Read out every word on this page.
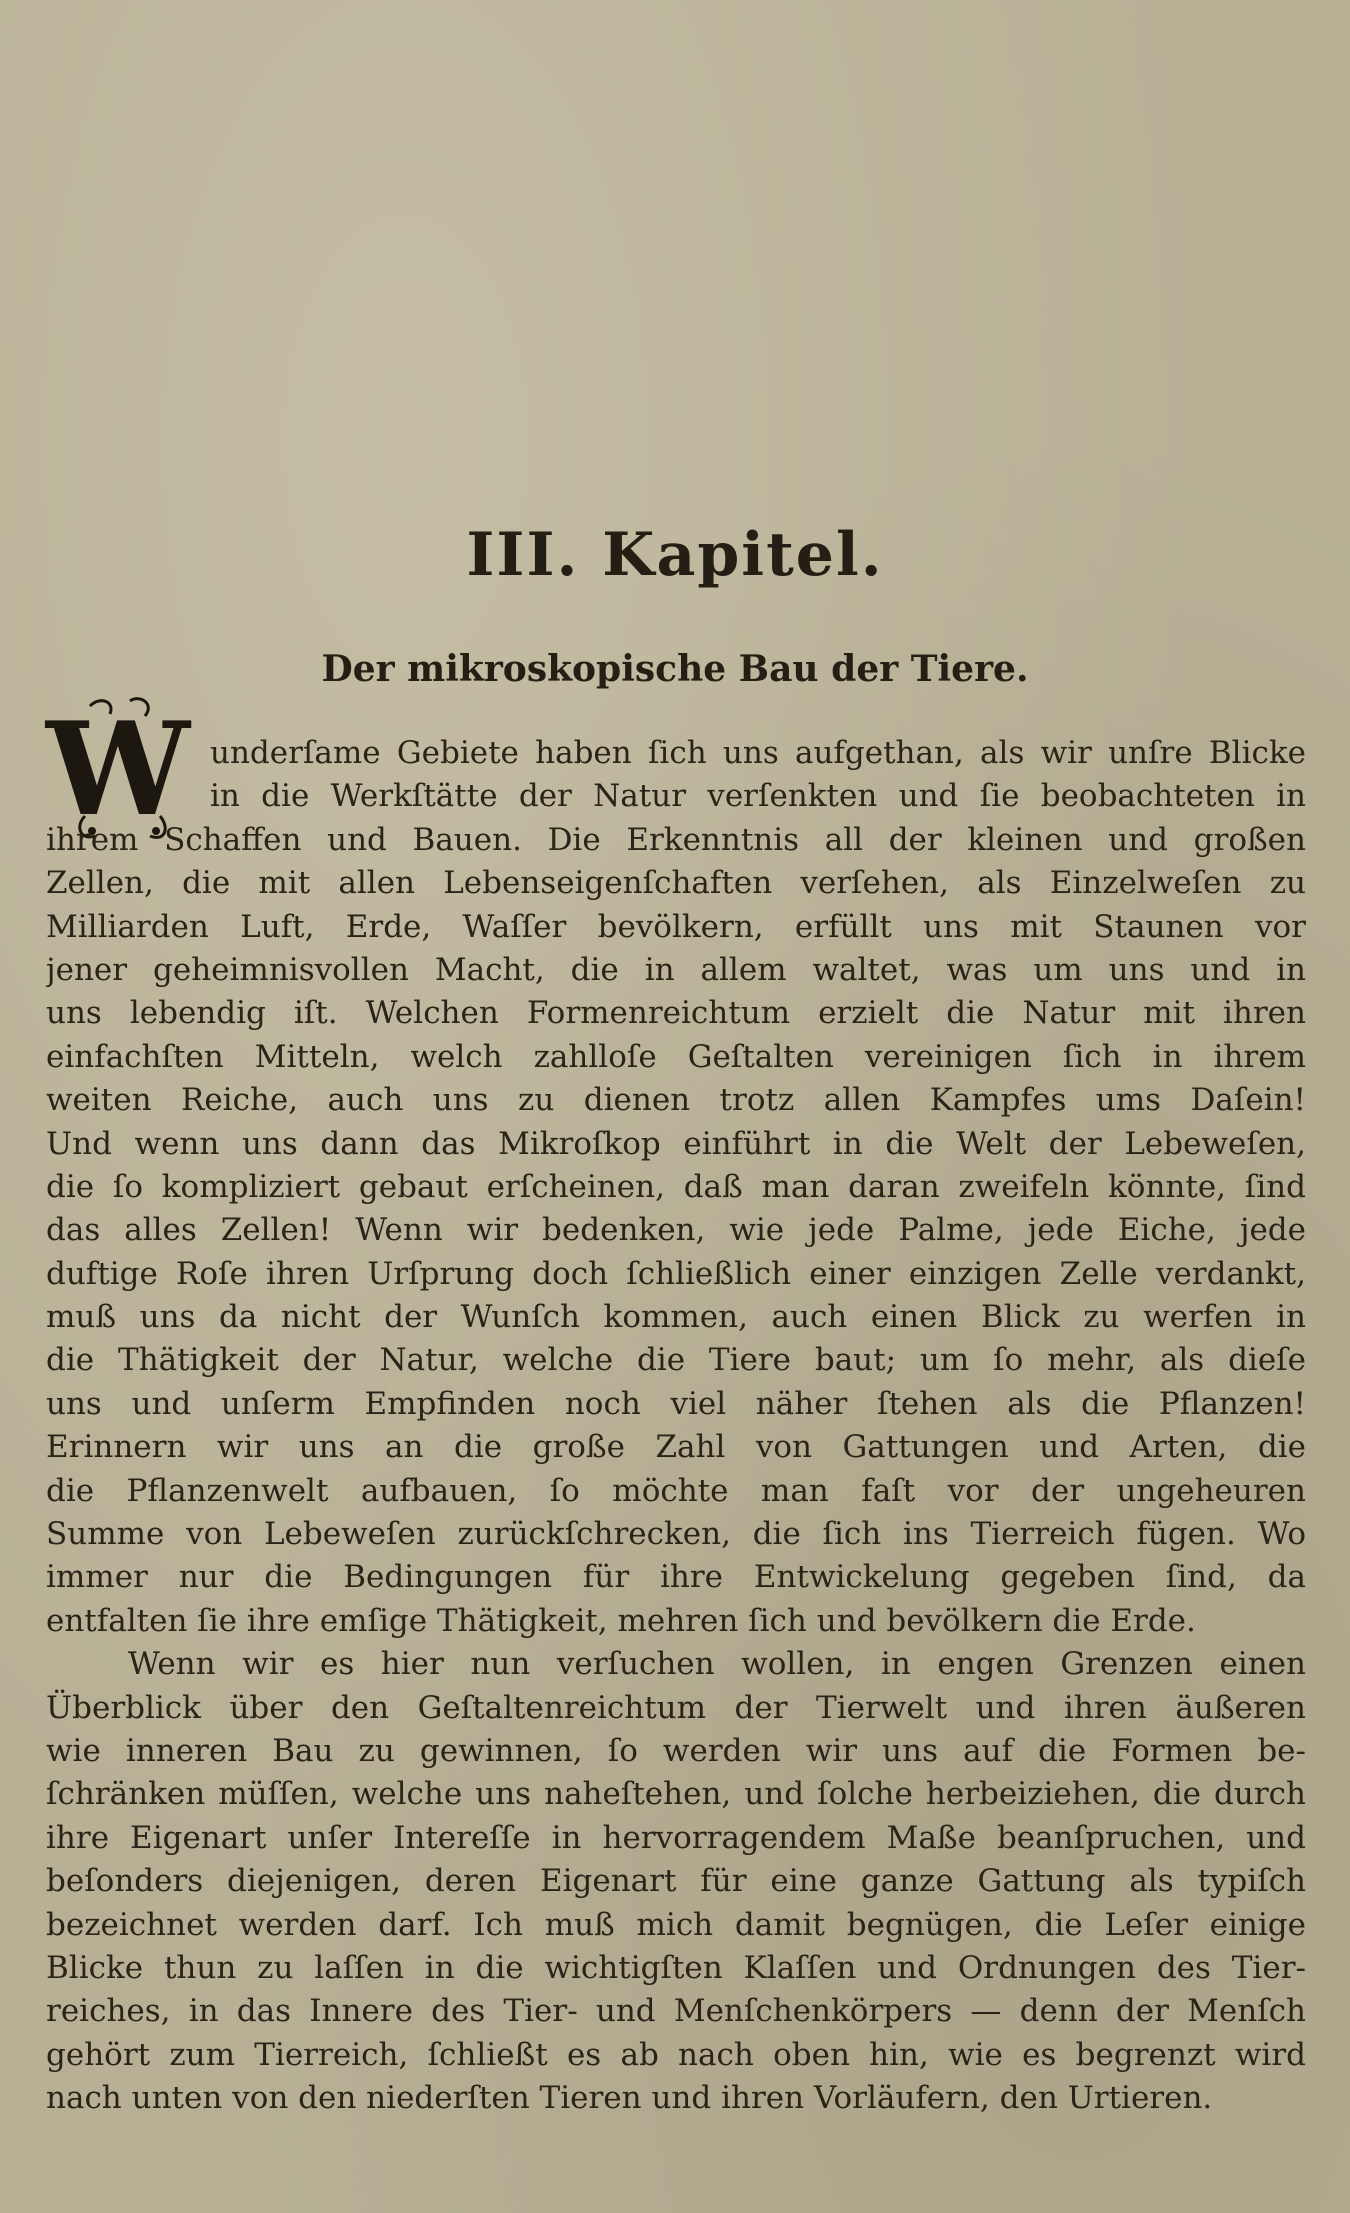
III. Kapitel.
Der mikroskopische Bau der Tiere.
W underſame Gebiete haben ſich uns aufgethan, als wir unſre Blicke
in die Werkſtätte der Natur verſenkten und ſie beobachteten in
ihrem Schaffen und Bauen. Die Erkenntnis all der kleinen und großen
Zellen, die mit allen Lebenseigenſchaften verſehen, als Einzelweſen zu
Milliarden Luft, Erde, Waſſer bevölkern, erfüllt uns mit Staunen vor
jener geheimnisvollen Macht, die in allem waltet, was um uns und in
uns lebendig iſt. Welchen Formenreichtum erzielt die Natur mit ihren
einfachſten Mitteln, welch zahlloſe Geſtalten vereinigen ſich in ihrem
weiten Reiche, auch uns zu dienen trotz allen Kampfes ums Daſein!
Und wenn uns dann das Mikroſkop einführt in die Welt der Lebeweſen,
die ſo kompliziert gebaut erſcheinen, daß man daran zweifeln könnte, ſind
das alles Zellen! Wenn wir bedenken, wie jede Palme, jede Eiche, jede
duftige Roſe ihren Urſprung doch ſchließlich einer einzigen Zelle verdankt,
muß uns da nicht der Wunſch kommen, auch einen Blick zu werfen in
die Thätigkeit der Natur, welche die Tiere baut; um ſo mehr, als dieſe
uns und unſerm Empfinden noch viel näher ſtehen als die Pflanzen!
Erinnern wir uns an die große Zahl von Gattungen und Arten, die
die Pflanzenwelt aufbauen, ſo möchte man faſt vor der ungeheuren
Summe von Lebeweſen zurückſchrecken, die ſich ins Tierreich fügen. Wo
immer nur die Bedingungen für ihre Entwickelung gegeben ſind, da
entfalten ſie ihre emſige Thätigkeit, mehren ſich und bevölkern die Erde.
Wenn wir es hier nun verſuchen wollen, in engen Grenzen einen
Überblick über den Geſtaltenreichtum der Tierwelt und ihren äußeren
wie inneren Bau zu gewinnen, ſo werden wir uns auf die Formen be-
ſchränken müſſen, welche uns naheſtehen, und ſolche herbeiziehen, die durch
ihre Eigenart unſer Intereſſe in hervorragendem Maße beanſpruchen, und
beſonders diejenigen, deren Eigenart für eine ganze Gattung als typiſch
bezeichnet werden darf. Ich muß mich damit begnügen, die Leſer einige
Blicke thun zu laſſen in die wichtigſten Klaſſen und Ordnungen des Tier-
reiches, in das Innere des Tier- und Menſchenkörpers — denn der Menſch
gehört zum Tierreich, ſchließt es ab nach oben hin, wie es begrenzt wird
nach unten von den niederſten Tieren und ihren Vorläufern, den Urtieren.
